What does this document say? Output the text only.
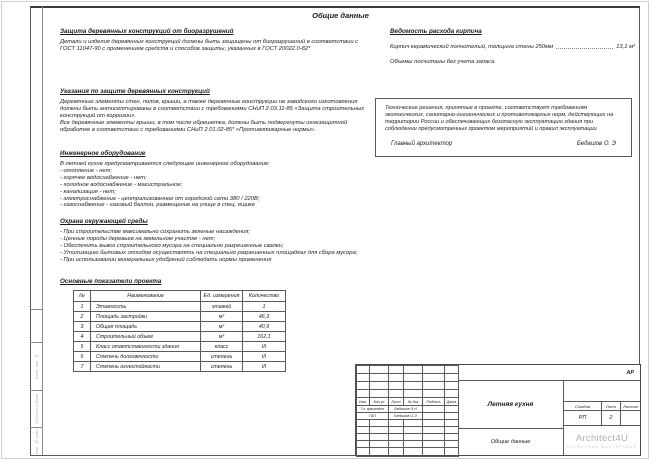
Взам. инв. №
Подпись и дата
Инв. № подл.
Общие данные
Защита деревянных конструкций от биоразрушений

Детали и изделия деревянных конструкций должны быть защищены от биоразрушений в соответствии с ГОСТ 11047-90 с применением средств и способов защиты, указанных в ГОСТ 20022.0-82*

Указания по защите деревянных конструкций

Деревянные элементы стен, полов, крыши, а также деревянные конструкции не заводского изготовления должны быть антисептированы в соответствии с требованиями СНиП 2.03.11-85 «Защита строительных конструкций от коррозии».

Все деревянные элементы крыши, в том числе обрешетка, должны быть подвергнуты огнезащитной обработке в соответствии с требованиями СНиП 2.01.02-85* «Противопожарные нормы».

Инженерное оборудование
В летней кухне предусматривается следующее инженерное оборудование:
- отопление - нет;
- горячее водоснабжение - нет;
- холодное водоснабжение - магистральное;
- канализация - нет;
- электроснабжение - централизованное от городской сети 380 / 220В;
- газоснабжение - газовый баллон, размещение на улице в спец. ящике
Охрана окружающей среды
- При строительстве максимально сохранить зеленые насаждения;
- Ценные породы деревьев на земельном участке - нет;
- Обеспечить вывоз строительного мусора на специально разрешенные свалки;
- Утилизацию бытовых отходов осуществлять на специально разрешенных площадках для сбора мусора;
- При использовании минеральных удобрений соблюдать нормы применения
Основные показатели проекта
№	Наименование	Ед. измерения	Количество
1	Этажность	этажей	1
2	Площадь застройки	м²	46,3
3	Общая площадь	м²	40,9
4	Строительный объем	м³	162,1
5	Класс ответственности здания	класс	III
6	Степень долговечности	степень	III
7	Степень огнестойкости	степень	III
Ведомость расхода кирпича
Кирпич керамический полнотелый, толщина стены 250мм	13,1 м³
Объемы посчитаны без учета запаса
Технические решения, принятые в проекте, соответствует требованиям экологических, санитарно-гигиенических и противопожарных норм, действующих на территории России и обеспечивающих безопасную эксплуатацию здания при соблюдении предусмотренных проектом мероприятий и правил эксплуатации
Главный архитектор	Бедашов О. Э

Изм.	Кол.уч	Лист	№ док	Подпись	Дата
Гл. архитект		Бедашов Э.Н			
ГАП		Бедашов О.Э			

АР
Летняя кухня
Общие данные
Стадия	Лист	Листов
РП	2
Architect4U
ПРОЕКТНАЯ МАСТЕРСКАЯ
